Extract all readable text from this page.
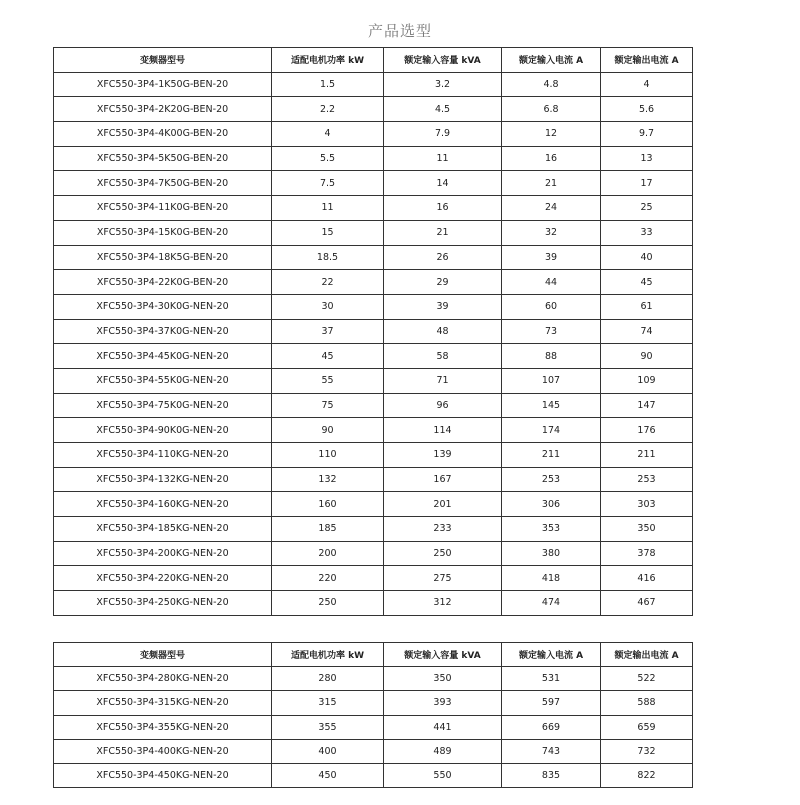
产品选型
变频器型号	适配电机功率 kW	额定输入容量 kVA	额定输入电流 A	额定输出电流 A
XFC550-3P4-1K50G-BEN-20	1.5	3.2	4.8	4
XFC550-3P4-2K20G-BEN-20	2.2	4.5	6.8	5.6
XFC550-3P4-4K00G-BEN-20	4	7.9	12	9.7
XFC550-3P4-5K50G-BEN-20	5.5	11	16	13
XFC550-3P4-7K50G-BEN-20	7.5	14	21	17
XFC550-3P4-11K0G-BEN-20	11	16	24	25
XFC550-3P4-15K0G-BEN-20	15	21	32	33
XFC550-3P4-18K5G-BEN-20	18.5	26	39	40
XFC550-3P4-22K0G-BEN-20	22	29	44	45
XFC550-3P4-30K0G-NEN-20	30	39	60	61
XFC550-3P4-37K0G-NEN-20	37	48	73	74
XFC550-3P4-45K0G-NEN-20	45	58	88	90
XFC550-3P4-55K0G-NEN-20	55	71	107	109
XFC550-3P4-75K0G-NEN-20	75	96	145	147
XFC550-3P4-90K0G-NEN-20	90	114	174	176
XFC550-3P4-110KG-NEN-20	110	139	211	211
XFC550-3P4-132KG-NEN-20	132	167	253	253
XFC550-3P4-160KG-NEN-20	160	201	306	303
XFC550-3P4-185KG-NEN-20	185	233	353	350
XFC550-3P4-200KG-NEN-20	200	250	380	378
XFC550-3P4-220KG-NEN-20	220	275	418	416
XFC550-3P4-250KG-NEN-20	250	312	474	467
变频器型号	适配电机功率 kW	额定输入容量 kVA	额定输入电流 A	额定输出电流 A
XFC550-3P4-280KG-NEN-20	280	350	531	522
XFC550-3P4-315KG-NEN-20	315	393	597	588
XFC550-3P4-355KG-NEN-20	355	441	669	659
XFC550-3P4-400KG-NEN-20	400	489	743	732
XFC550-3P4-450KG-NEN-20	450	550	835	822
